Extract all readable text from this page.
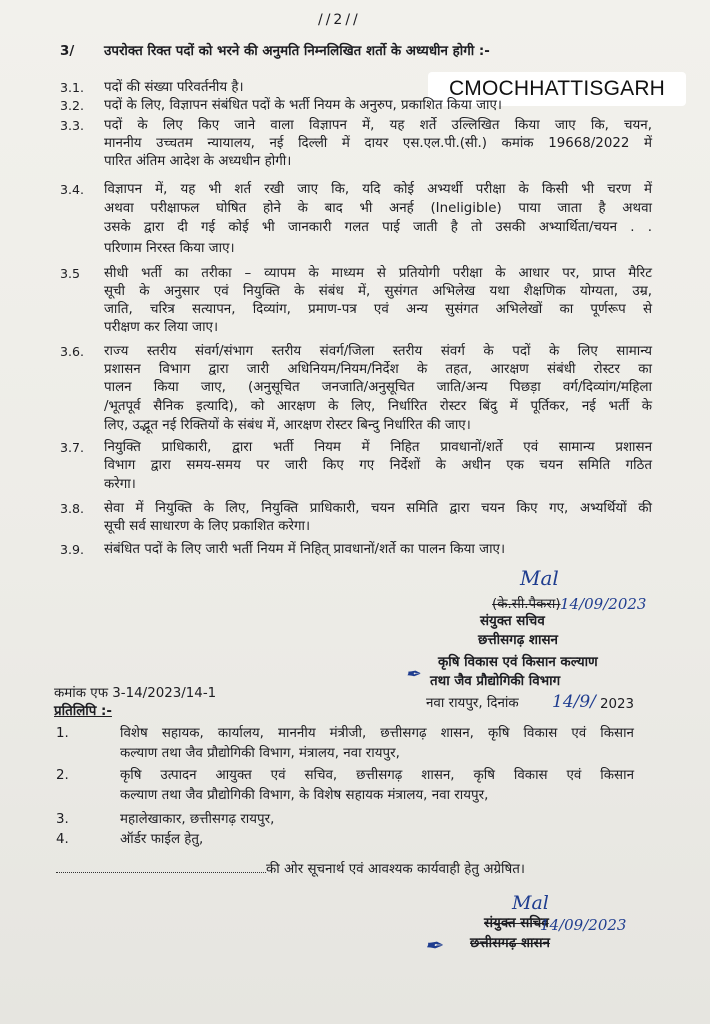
//2//
3/ उपरोक्त रिक्त पदों को भरने की अनुमति निम्नलिखित शर्तो के अध्यधीन होगी :-
CMOCHHATTISGARH
3.1. पदों की संख्या परिवर्तनीय है।
3.2. पदों के लिए, विज्ञापन संबंधित पदों के भर्ती नियम के अनुरुप, प्रकाशित किया जाए।
3.3. पदों के लिए किए जाने वाला विज्ञापन में, यह शर्ते उल्लिखित किया जाए कि, चयन,
माननीय उच्चतम न्यायालय, नई दिल्ली में दायर एस.एल.पी.(सी.) कमांक 19668/2022 में
पारित अंतिम आदेश के अध्यधीन होगी।
3.4. विज्ञापन में, यह भी शर्त रखी जाए कि, यदि कोई अभ्यर्थी परीक्षा के किसी भी चरण में
अथवा परीक्षाफल घोषित होने के बाद भी अनर्ह (Ineligible) पाया जाता है अथवा
उसके द्वारा दी गई कोई भी जानकारी गलत पाई जाती है तो उसकी अभ्यार्थिता/चयन . .
परिणाम निरस्त किया जाए।
3.5 सीधी भर्ती का तरीका – व्यापम के माध्यम से प्रतियोगी परीक्षा के आधार पर, प्राप्त मैरिट
सूची के अनुसार एवं नियुक्ति के संबंध में, सुसंगत अभिलेख यथा शैक्षणिक योग्यता, उम्र,
जाति, चरित्र सत्यापन, दिव्यांग, प्रमाण-पत्र एवं अन्य सुसंगत अभिलेखों का पूर्णरूप से
परीक्षण कर लिया जाए।
3.6. राज्य स्तरीय संवर्ग/संभाग स्तरीय संवर्ग/जिला स्तरीय संवर्ग के पदों के लिए सामान्य
प्रशासन विभाग द्वारा जारी अधिनियम/नियम/निर्देश के तहत, आरक्षण संबंधी रोस्टर का
पालन किया जाए, (अनुसूचित जनजाति/अनुसूचित जाति/अन्य पिछड़ा वर्ग/दिव्यांग/महिला
/भूतपूर्व सैनिक इत्यादि), को आरक्षण के लिए, निर्धारित रोस्टर बिंदु में पूर्तिकर, नई भर्ती के
लिए, उद्भूत नई रिक्तियों के संबंध में, आरक्षण रोस्टर बिन्दु निर्धारित की जाए।
3.7. नियुक्ति प्राधिकारी, द्वारा भर्ती नियम में निहित प्रावधानों/शर्ते एवं सामान्य प्रशासन
विभाग द्वारा समय-समय पर जारी किए गए निर्देशों के अधीन एक चयन समिति गठित
करेगा।
3.8. सेवा में नियुक्ति के लिए, नियुक्ति प्राधिकारी, चयन समिति द्वारा चयन किए गए, अभ्यर्थियों की
सूची सर्व साधारण के लिए प्रकाशित करेगा।
3.9. संबंधित पदों के लिए जारी भर्ती नियम में निहित् प्रावधानों/शर्ते का पालन किया जाए।
Mal
(के.सी.पैकरा) 14/09/2023
संयुक्त सचिव
छत्तीसगढ़ शासन
कृषि विकास एवं किसान कल्याण
✒ तथा जैव प्रौद्योगिकी विभाग
नवा रायपुर, दिनांक 14/9/ 2023
कमांक एफ 3-14/2023/14-1
प्रतिलिपि :-
1.	विशेष सहायक, कार्यालय, माननीय मंत्रीजी, छत्तीसगढ़ शासन, कृषि विकास एवं किसान
कल्याण तथा जैव प्रौद्योगिकी विभाग, मंत्रालय, नवा रायपुर,
2.	कृषि उत्पादन आयुक्त एवं सचिव, छत्तीसगढ़ शासन, कृषि विकास एवं किसान
कल्याण तथा जैव प्रौद्योगिकी विभाग, के विशेष सहायक मंत्रालय, नवा रायपुर,
3.	महालेखाकार, छत्तीसगढ़ रायपुर,
4.	ऑर्डर फाईल हेतु,
की ओर सूचनार्थ एवं आवश्यक कार्यवाही हेतु अग्रेषित।
Mal
संयुक्त सचिव
14/09/2023
✒ छत्तीसगढ़ शासन
